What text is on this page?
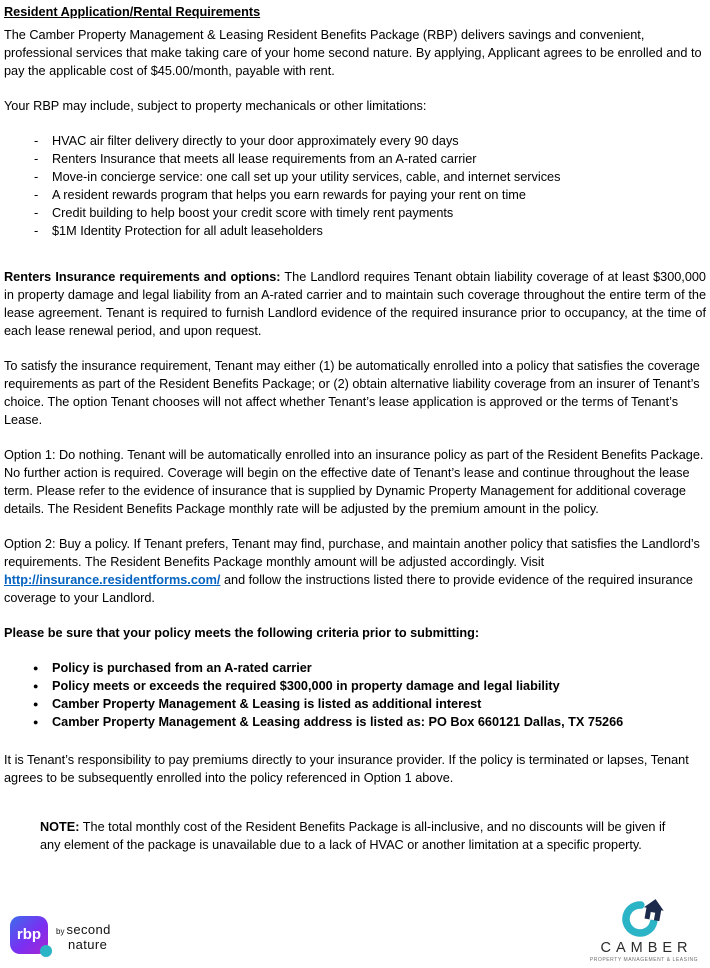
Resident Application/Rental Requirements

The Camber Property Management & Leasing Resident Benefits Package (RBP) delivers savings and convenient, professional services that make taking care of your home second nature. By applying, Applicant agrees to be enrolled and to pay the applicable cost of $45.00/month, payable with rent.

Your RBP may include, subject to property mechanicals or other limitations:

- HVAC air filter delivery directly to your door approximately every 90 days
- Renters Insurance that meets all lease requirements from an A-rated carrier
- Move-in concierge service: one call set up your utility services, cable, and internet services
- A resident rewards program that helps you earn rewards for paying your rent on time
- Credit building to help boost your credit score with timely rent payments
- $1M Identity Protection for all adult leaseholders

Renters Insurance requirements and options: The Landlord requires Tenant obtain liability coverage of at least $300,000 in property damage and legal liability from an A-rated carrier and to maintain such coverage throughout the entire term of the lease agreement. Tenant is required to furnish Landlord evidence of the required insurance prior to occupancy, at the time of each lease renewal period, and upon request.

To satisfy the insurance requirement, Tenant may either (1) be automatically enrolled into a policy that satisfies the coverage requirements as part of the Resident Benefits Package; or (2) obtain alternative liability coverage from an insurer of Tenant’s choice. The option Tenant chooses will not affect whether Tenant’s lease application is approved or the terms of Tenant’s Lease.

Option 1: Do nothing. Tenant will be automatically enrolled into an insurance policy as part of the Resident Benefits Package. No further action is required. Coverage will begin on the effective date of Tenant’s lease and continue throughout the lease term. Please refer to the evidence of insurance that is supplied by Dynamic Property Management for additional coverage details. The Resident Benefits Package monthly rate will be adjusted by the premium amount in the policy.

Option 2: Buy a policy. If Tenant prefers, Tenant may find, purchase, and maintain another policy that satisfies the Landlord’s requirements. The Resident Benefits Package monthly amount will be adjusted accordingly. Visit http://insurance.residentforms.com/ and follow the instructions listed there to provide evidence of the required insurance coverage to your Landlord.

Please be sure that your policy meets the following criteria prior to submitting:

● Policy is purchased from an A-rated carrier
● Policy meets or exceeds the required $300,000 in property damage and legal liability
● Camber Property Management & Leasing is listed as additional interest
● Camber Property Management & Leasing address is listed as: PO Box 660121 Dallas, TX 75266

It is Tenant’s responsibility to pay premiums directly to your insurance provider. If the policy is terminated or lapses, Tenant agrees to be subsequently enrolled into the policy referenced in Option 1 above.

NOTE: The total monthly cost of the Resident Benefits Package is all-inclusive, and no discounts will be given if any element of the package is unavailable due to a lack of HVAC or another limitation at a specific property.

rbp by second
nature	CAMBER
PROPERTY MANAGEMENT & LEASING
